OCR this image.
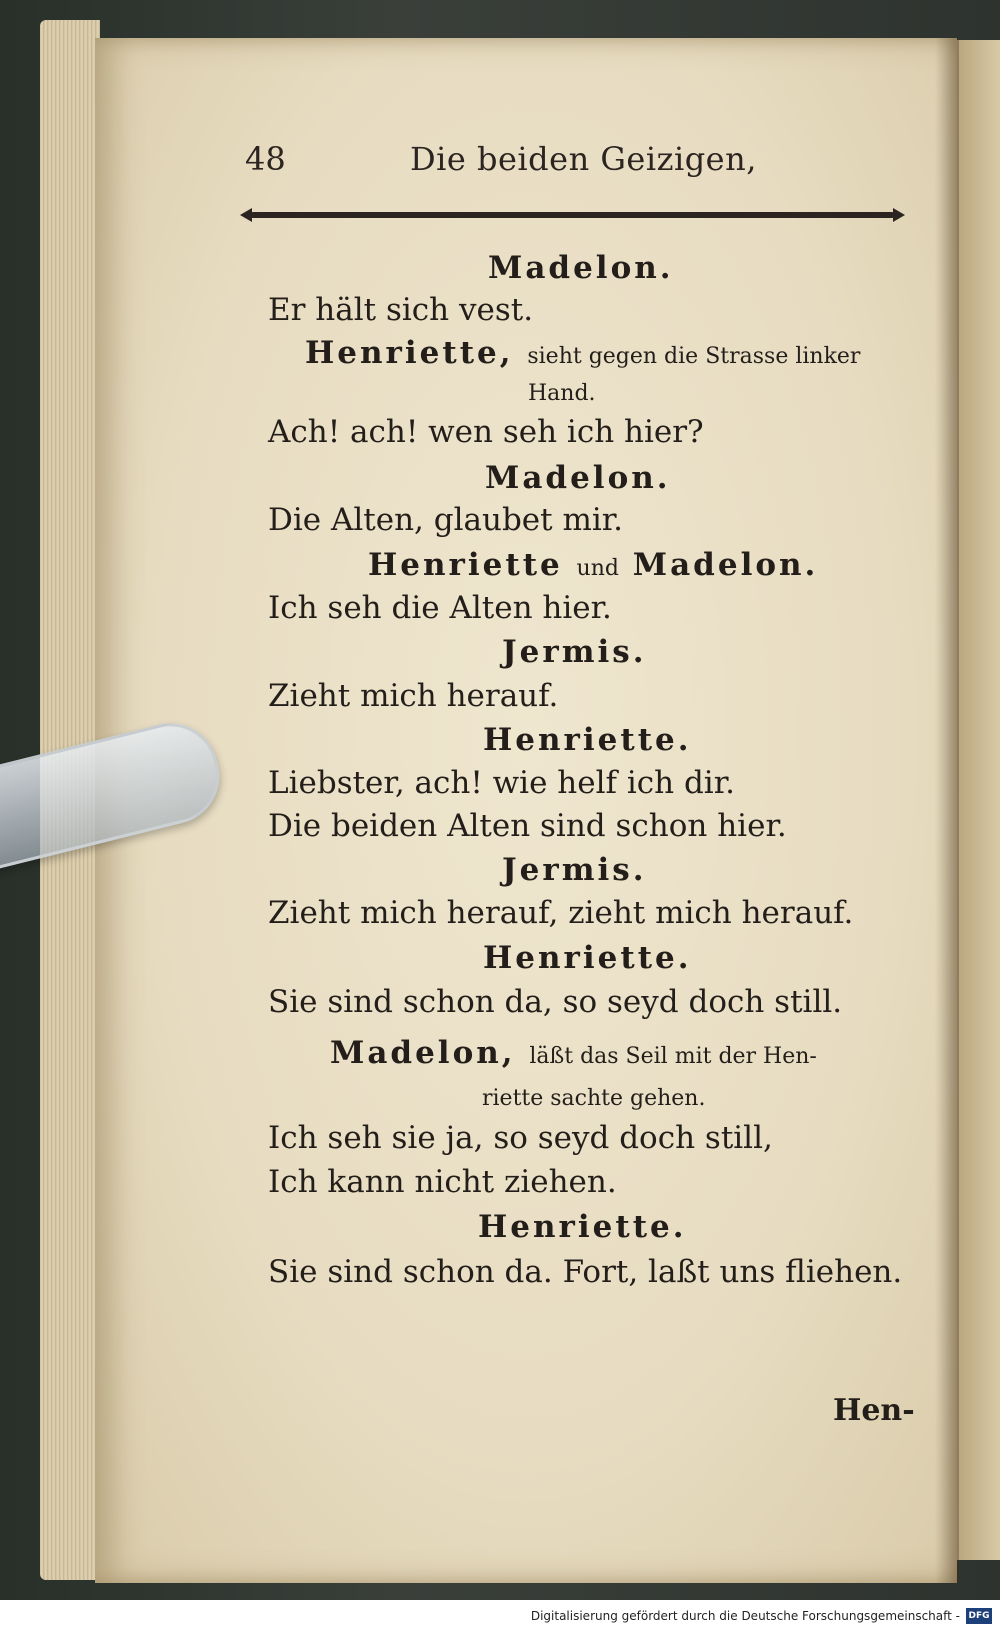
48	Die beiden Geizigen,
Madelon.
Er hält sich vest.
Henriette, sieht gegen die Strasse linker
Hand.
Ach! ach! wen seh ich hier?
Madelon.
Die Alten, glaubet mir.
Henriette und Madelon.
Ich seh die Alten hier.
Jermis.
Zieht mich herauf.
Henriette.
Liebster, ach! wie helf ich dir.
Die beiden Alten sind schon hier.
Jermis.
Zieht mich herauf, zieht mich herauf.
Henriette.
Sie sind schon da, so seyd doch still.
Madelon, läßt das Seil mit der Hen-
riette sachte gehen.
Ich seh sie ja, so seyd doch still,
Ich kann nicht ziehen.
Henriette.
Sie sind schon da. Fort, laßt uns fliehen.
Hen-
Digitalisierung gefördert durch die Deutsche Forschungsgemeinschaft - DFG
